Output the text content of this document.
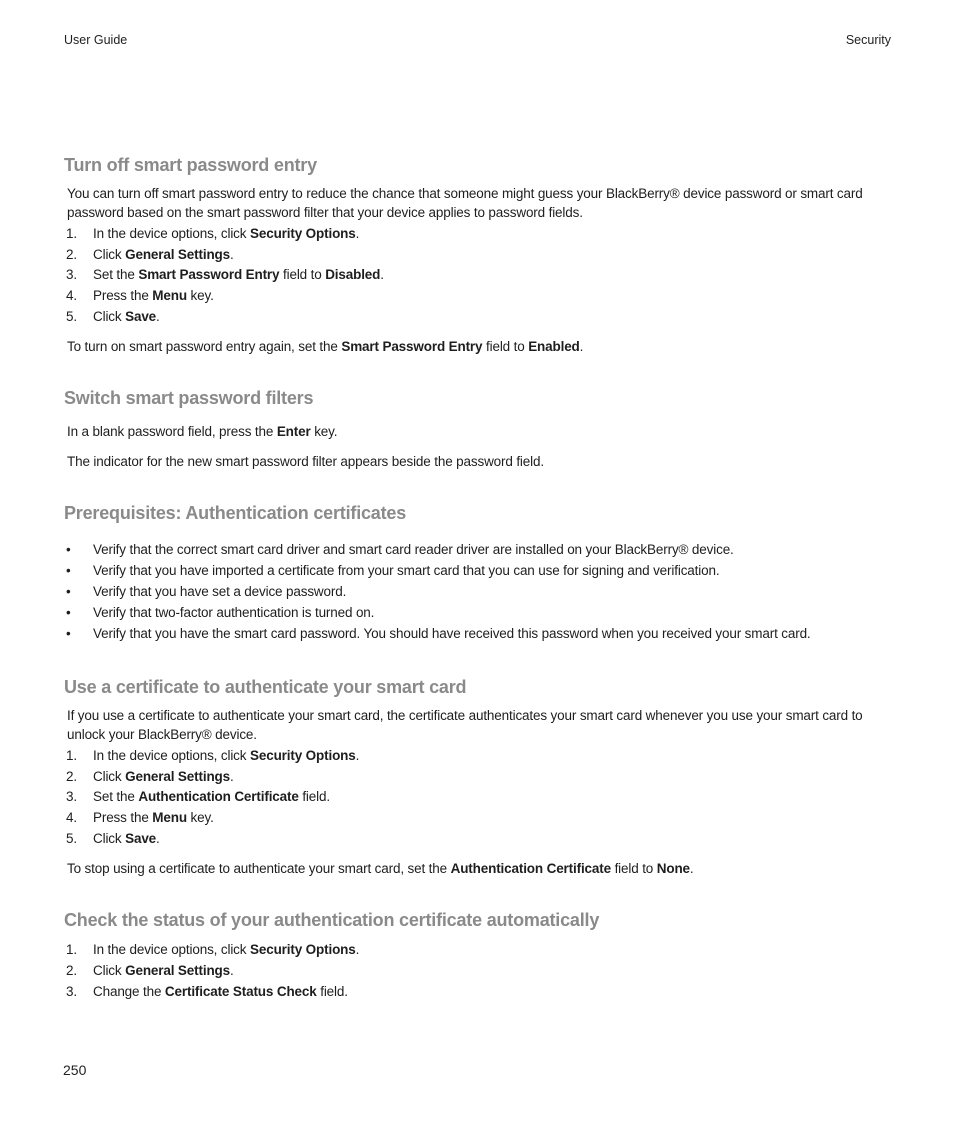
User Guide	Security
Turn off smart password entry

You can turn off smart password entry to reduce the chance that someone might guess your BlackBerry® device password or smart card password based on the smart password filter that your device applies to password fields.

1. In the device options, click Security Options.
2. Click General Settings.
3. Set the Smart Password Entry field to Disabled.
4. Press the Menu key.
5. Click Save.

To turn on smart password entry again, set the Smart Password Entry field to Enabled.

Switch smart password filters

In a blank password field, press the Enter key.

The indicator for the new smart password filter appears beside the password field.

Prerequisites: Authentication certificates
• Verify that the correct smart card driver and smart card reader driver are installed on your BlackBerry® device.
• Verify that you have imported a certificate from your smart card that you can use for signing and verification.
• Verify that you have set a device password.
• Verify that two-factor authentication is turned on.
• Verify that you have the smart card password. You should have received this password when you received your smart card.
Use a certificate to authenticate your smart card

If you use a certificate to authenticate your smart card, the certificate authenticates your smart card whenever you use your smart card to unlock your BlackBerry® device.

1. In the device options, click Security Options.
2. Click General Settings.
3. Set the Authentication Certificate field.
4. Press the Menu key.
5. Click Save.

To stop using a certificate to authenticate your smart card, set the Authentication Certificate field to None.

Check the status of your authentication certificate automatically
1. In the device options, click Security Options.
2. Click General Settings.
3. Change the Certificate Status Check field.
250
